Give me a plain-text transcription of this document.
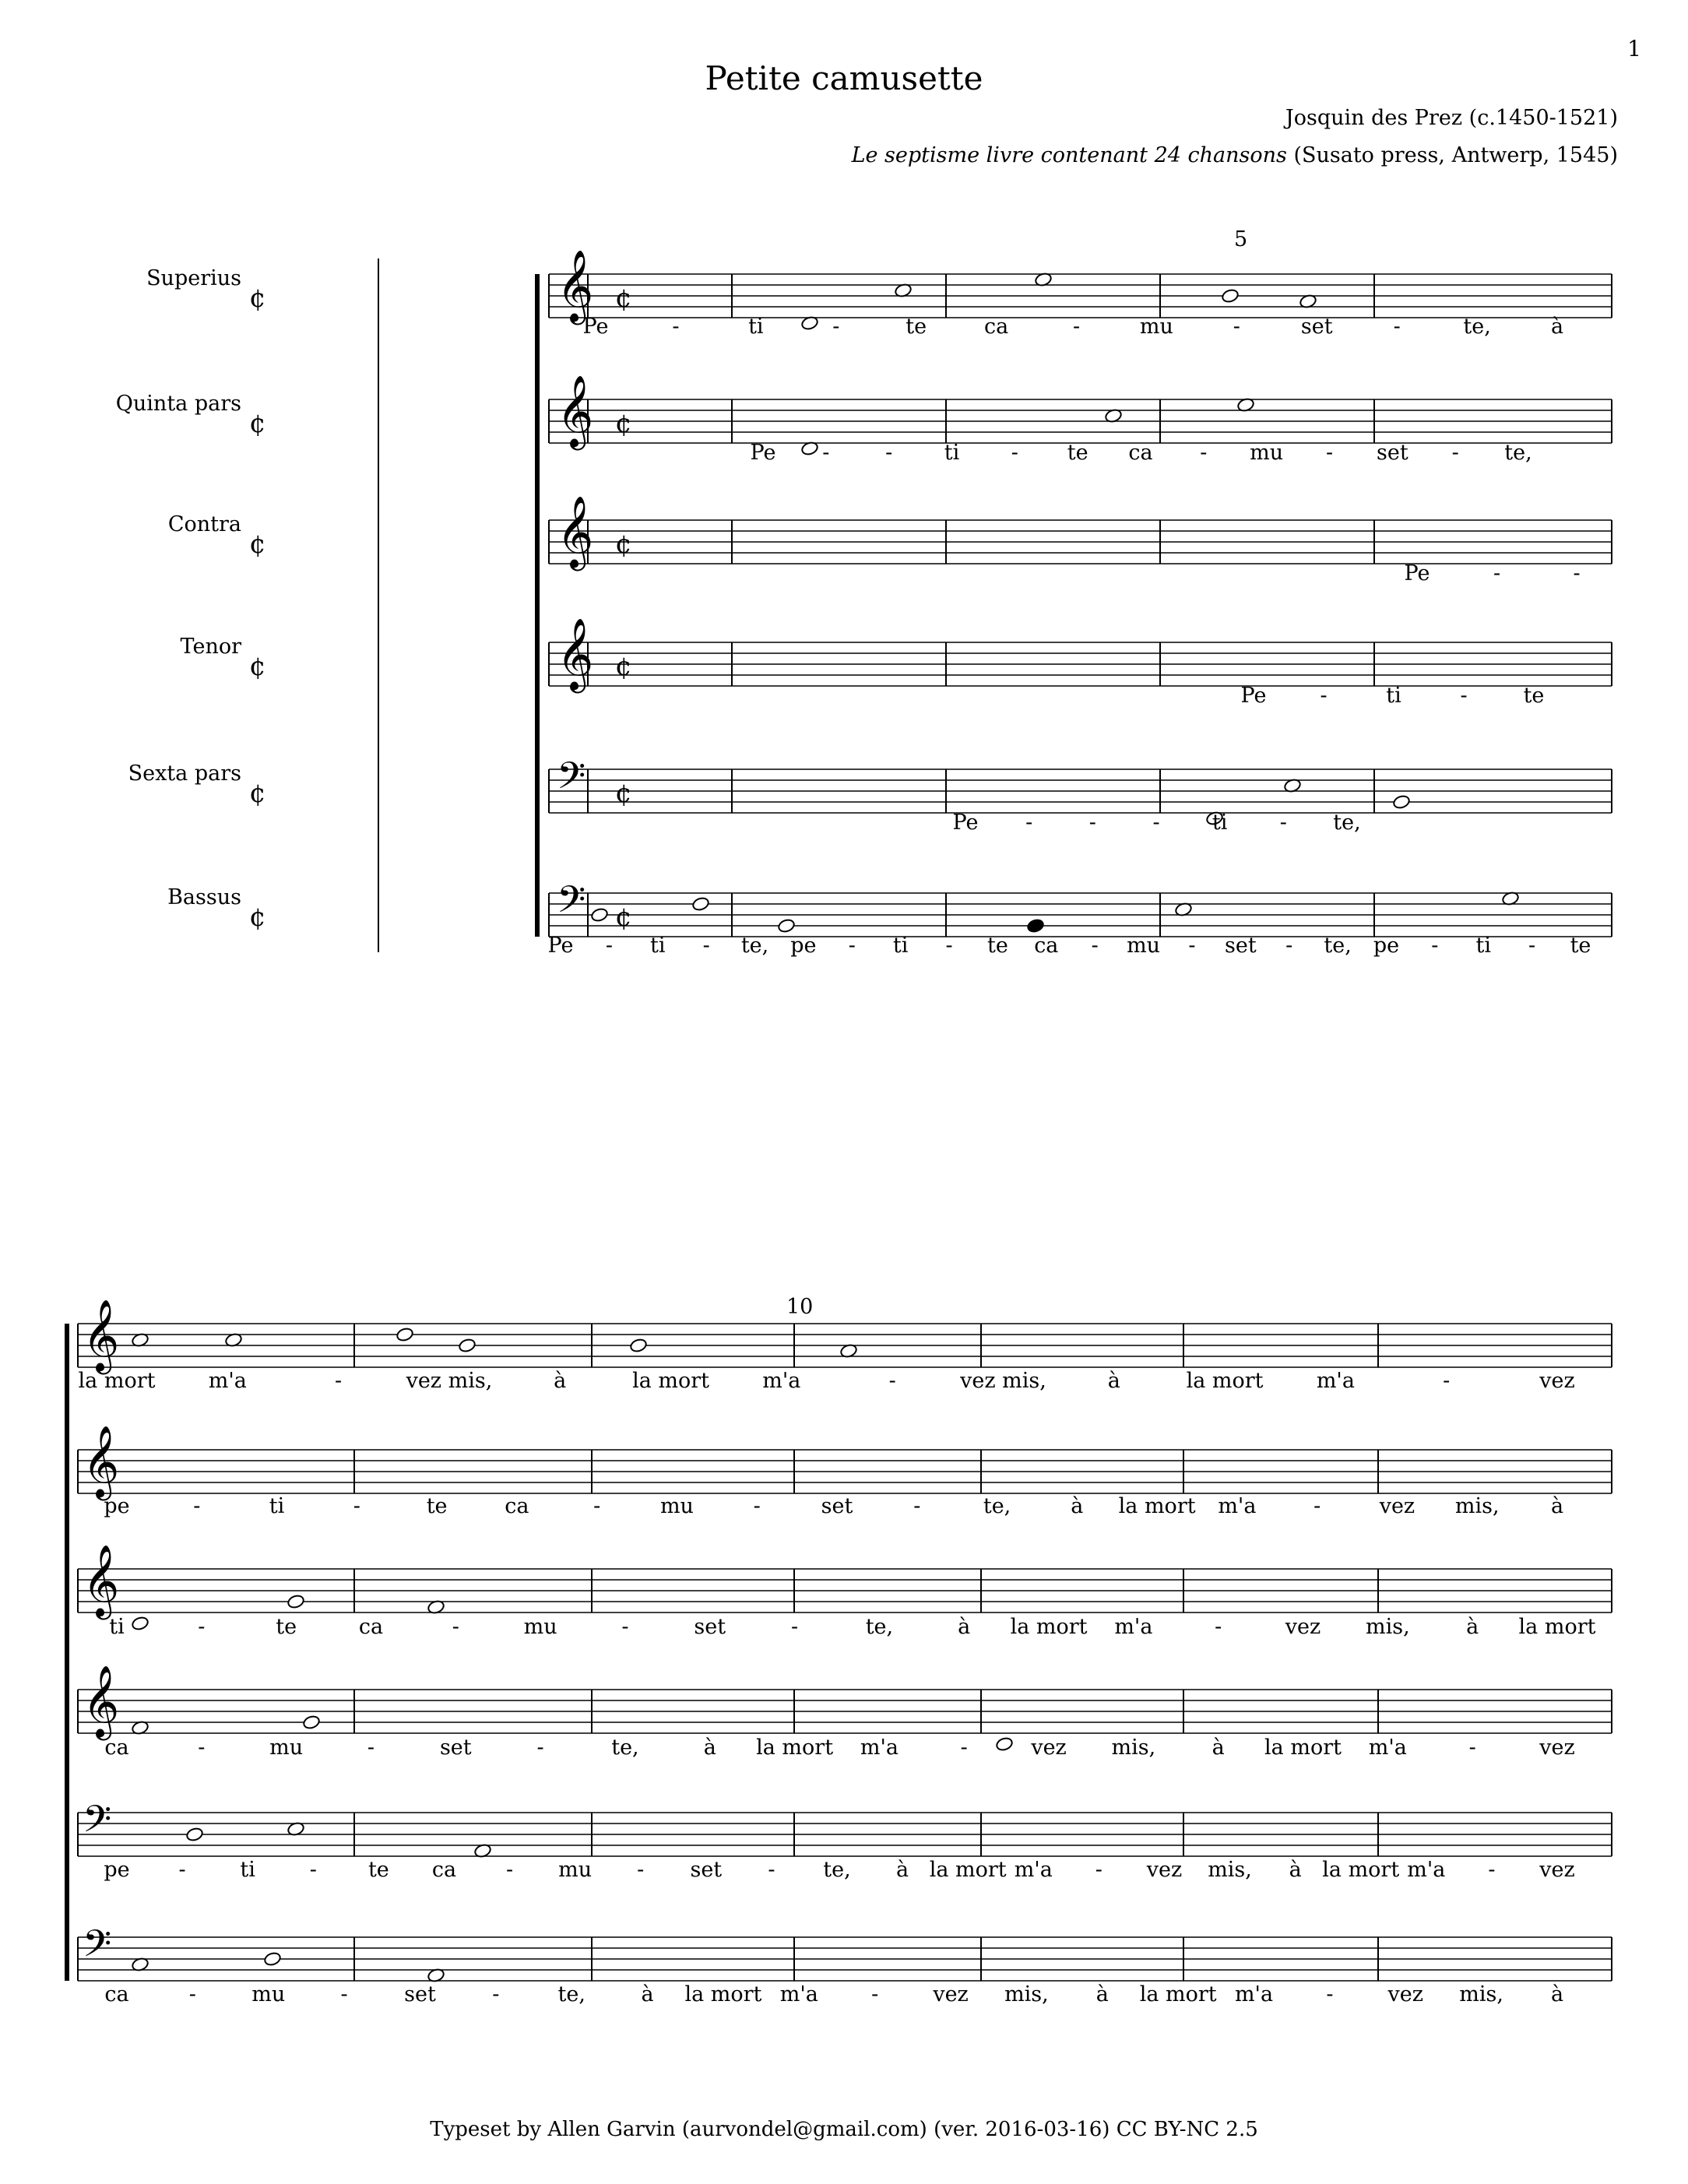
1
Petite camusette
Josquin des Prez (c.1450-1521)
Le septisme livre contenant 24 chansons (Susato press, Antwerp, 1545)
Superius
Quinta pars
Contra
Tenor
Sexta pars
Bassus
5
10
𝄞 ¢
¢
𝄞 ¢
¢
𝄞 ¢
¢
𝄞 ¢
¢
𝄢 ¢
¢
𝄢 ¢
¢
𝄞
𝄞
𝄞
𝄞
𝄢
𝄢
Pe	-	ti	-	te	ca	-	mu	-	set	-	te,	à
Pe -	- ti - te ca - mu - set - te,
Pe	-	-
Pe	-	ti	-	te
Pe -	-	- ti - te,
Pe - ti - te, pe - ti - te ca - mu - set - te, pe - ti - te
la mort	m'a	-	vez mis,	à	la mort	m'a	-	vez mis,	à	la mort	m'a	-	vez
pe	-	ti	-	te	ca	-	mu	-	set	-	te,	à la mort m'a	-	vez mis, à
ti	-	te	ca	-	mu	-	set	-	te,	à la mort m'a	-	vez mis,	à la mort
ca	-	mu	-	set	-	te,	à la mort m'a	-	vez mis,	à la mort m'a	-	vez
pe -	ti	- te ca - mu - set - te, à la mort m'a - vez mis, à la mort m'a - vez
ca	-	mu	-	set	-	te,	à la mort m'a	-	vez mis, à la mort m'a	-	vez mis, à
Typeset by Allen Garvin (aurvondel@gmail.com) (ver. 2016-03-16) CC BY-NC 2.5
